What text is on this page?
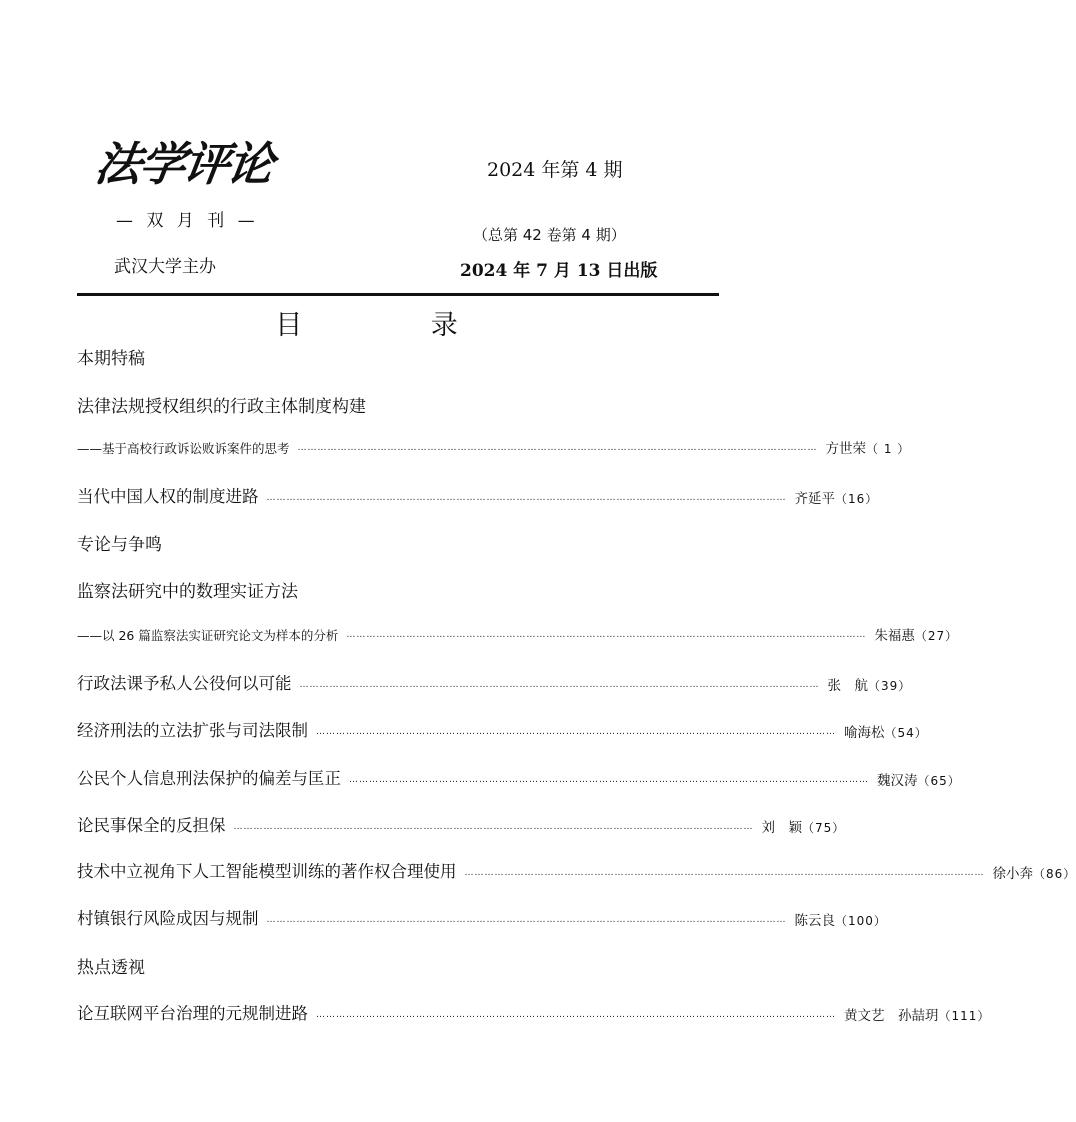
法学评论
— 双 月 刊 —
武汉大学主办
2024 年第 4 期
（总第 42 卷第 4 期）
2024 年 7 月 13 日出版
目 录
本期特稿
法律法规授权组织的行政主体制度构建
——基于高校行政诉讼败诉案件的思考 ………………………………………………………………………………………………………………………………………… 方世荣 （ 1 ）
当代中国人权的制度进路 ………………………………………………………………………………………………………………………………………… 齐延平 （16）
专论与争鸣
监察法研究中的数理实证方法
——以 26 篇监察法实证研究论文为样本的分析 ………………………………………………………………………………………………………………………………………… 朱福惠 （27）
行政法课予私人公役何以可能 ………………………………………………………………………………………………………………………………………… 张　航 （39）
经济刑法的立法扩张与司法限制 ………………………………………………………………………………………………………………………………………… 喻海松 （54）
公民个人信息刑法保护的偏差与匡正 ………………………………………………………………………………………………………………………………………… 魏汉涛 （65）
论民事保全的反担保 ………………………………………………………………………………………………………………………………………… 刘　颖 （75）
技术中立视角下人工智能模型训练的著作权合理使用 ………………………………………………………………………………………………………………………………………… 徐小奔 （86）
村镇银行风险成因与规制 ………………………………………………………………………………………………………………………………………… 陈云良 （100）
热点透视
论互联网平台治理的元规制进路 ………………………………………………………………………………………………………………………………………… 黄文艺　孙喆玥 （111）
